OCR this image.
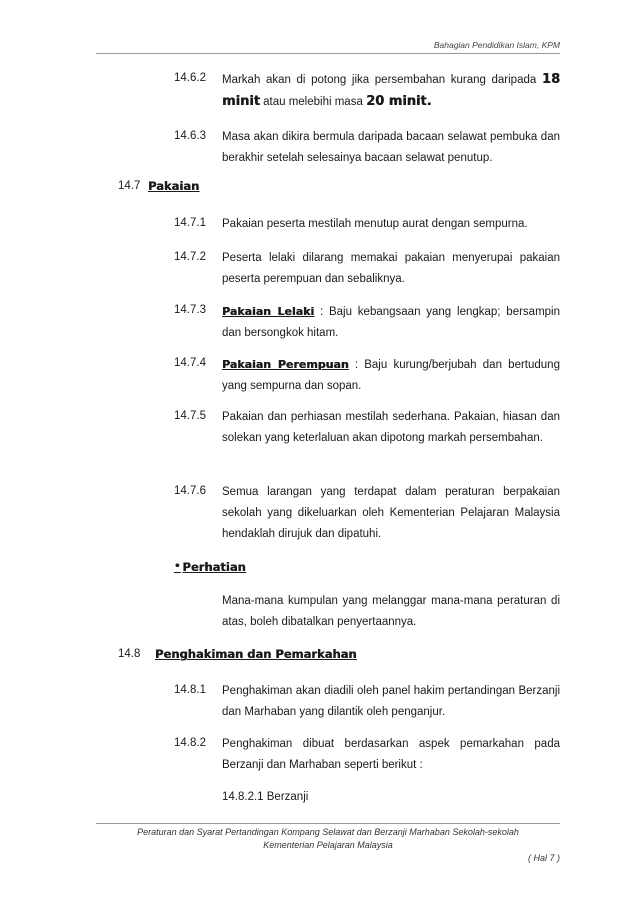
Bahagian Pendidikan Islam, KPM
14.6.2 Markah akan di potong jika persembahan kurang daripada 18 minit atau melebihi masa 20 minit.
14.6.3 Masa akan dikira bermula daripada bacaan selawat pembuka dan berakhir setelah selesainya bacaan selawat penutup.
14.7 Pakaian
14.7.1 Pakaian peserta mestilah menutup aurat dengan sempurna.
14.7.2 Peserta lelaki dilarang memakai pakaian menyerupai pakaian peserta perempuan dan sebaliknya.
14.7.3 Pakaian Lelaki : Baju kebangsaan yang lengkap; bersampin dan bersongkok hitam.
14.7.4 Pakaian Perempuan : Baju kurung/berjubah dan bertudung yang sempurna dan sopan.
14.7.5 Pakaian dan perhiasan mestilah sederhana. Pakaian, hiasan dan solekan yang keterlaluan akan dipotong markah persembahan.
14.7.6 Semua larangan yang terdapat dalam peraturan berpakaian sekolah yang dikeluarkan oleh Kementerian Pelajaran Malaysia hendaklah dirujuk dan dipatuhi.
• Perhatian
Mana-mana kumpulan yang melanggar mana-mana peraturan di atas, boleh dibatalkan penyertaannya.
14.8 Penghakiman dan Pemarkahan
14.8.1 Penghakiman akan diadili oleh panel hakim pertandingan Berzanji dan Marhaban yang dilantik oleh penganjur.
14.8.2 Penghakiman dibuat berdasarkan aspek pemarkahan pada Berzanji dan Marhaban seperti berikut :
14.8.2.1 Berzanji
Peraturan dan Syarat Pertandingan Kompang Selawat dan Berzanji Marhaban Sekolah-sekolah
Kementerian Pelajaran Malaysia
( Hal 7 )
